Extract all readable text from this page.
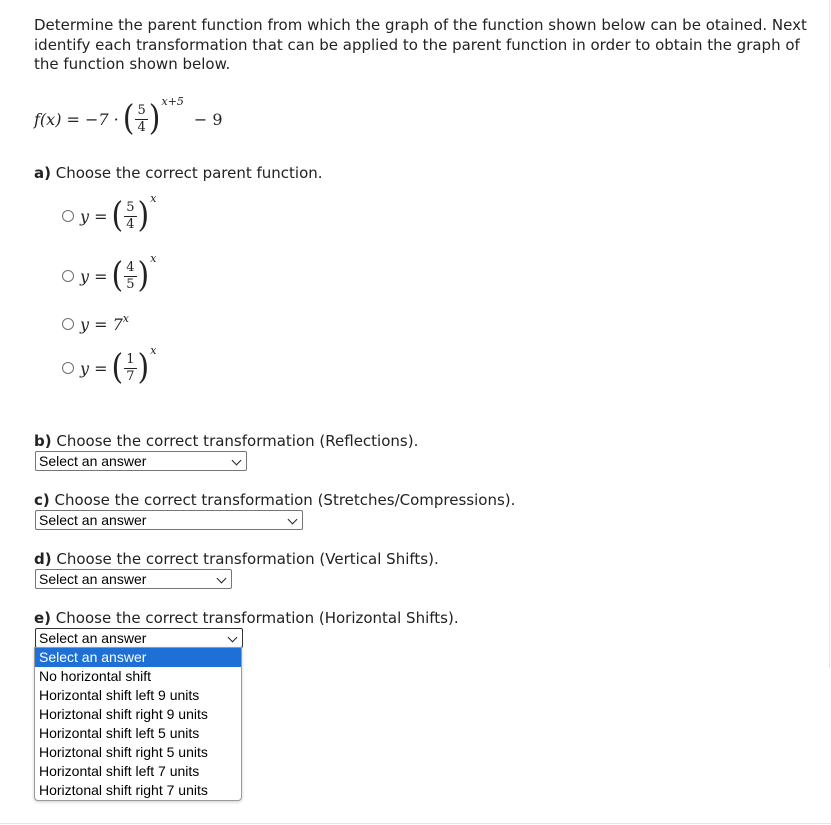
Determine the parent function from which the graph of the function shown below can be otained. Next identify each transformation that can be applied to the parent function in order to obtain the graph of the function shown below.
f(x) = −7 · ( $\frac{5}{4}$ ) x+5
− 9
a) Choose the correct parent function.
y = ( $\frac{5}{4}$ ) x
y = ( $\frac{4}{5}$ ) x
y = 7 x
y = ( $\frac{1}{7}$ ) x
b) Choose the correct transformation (Reflections).
Select an answer
c) Choose the correct transformation (Stretches/Compressions).
Select an answer
d) Choose the correct transformation (Vertical Shifts).
Select an answer
e) Choose the correct transformation (Horizontal Shifts).
Select an answer
Select an answer
No horizontal shift
Horizontal shift left 9 units
Horiztonal shift right 9 units
Horizontal shift left 5 units
Horiztonal shift right 5 units
Horizontal shift left 7 units
Horiztonal shift right 7 units
